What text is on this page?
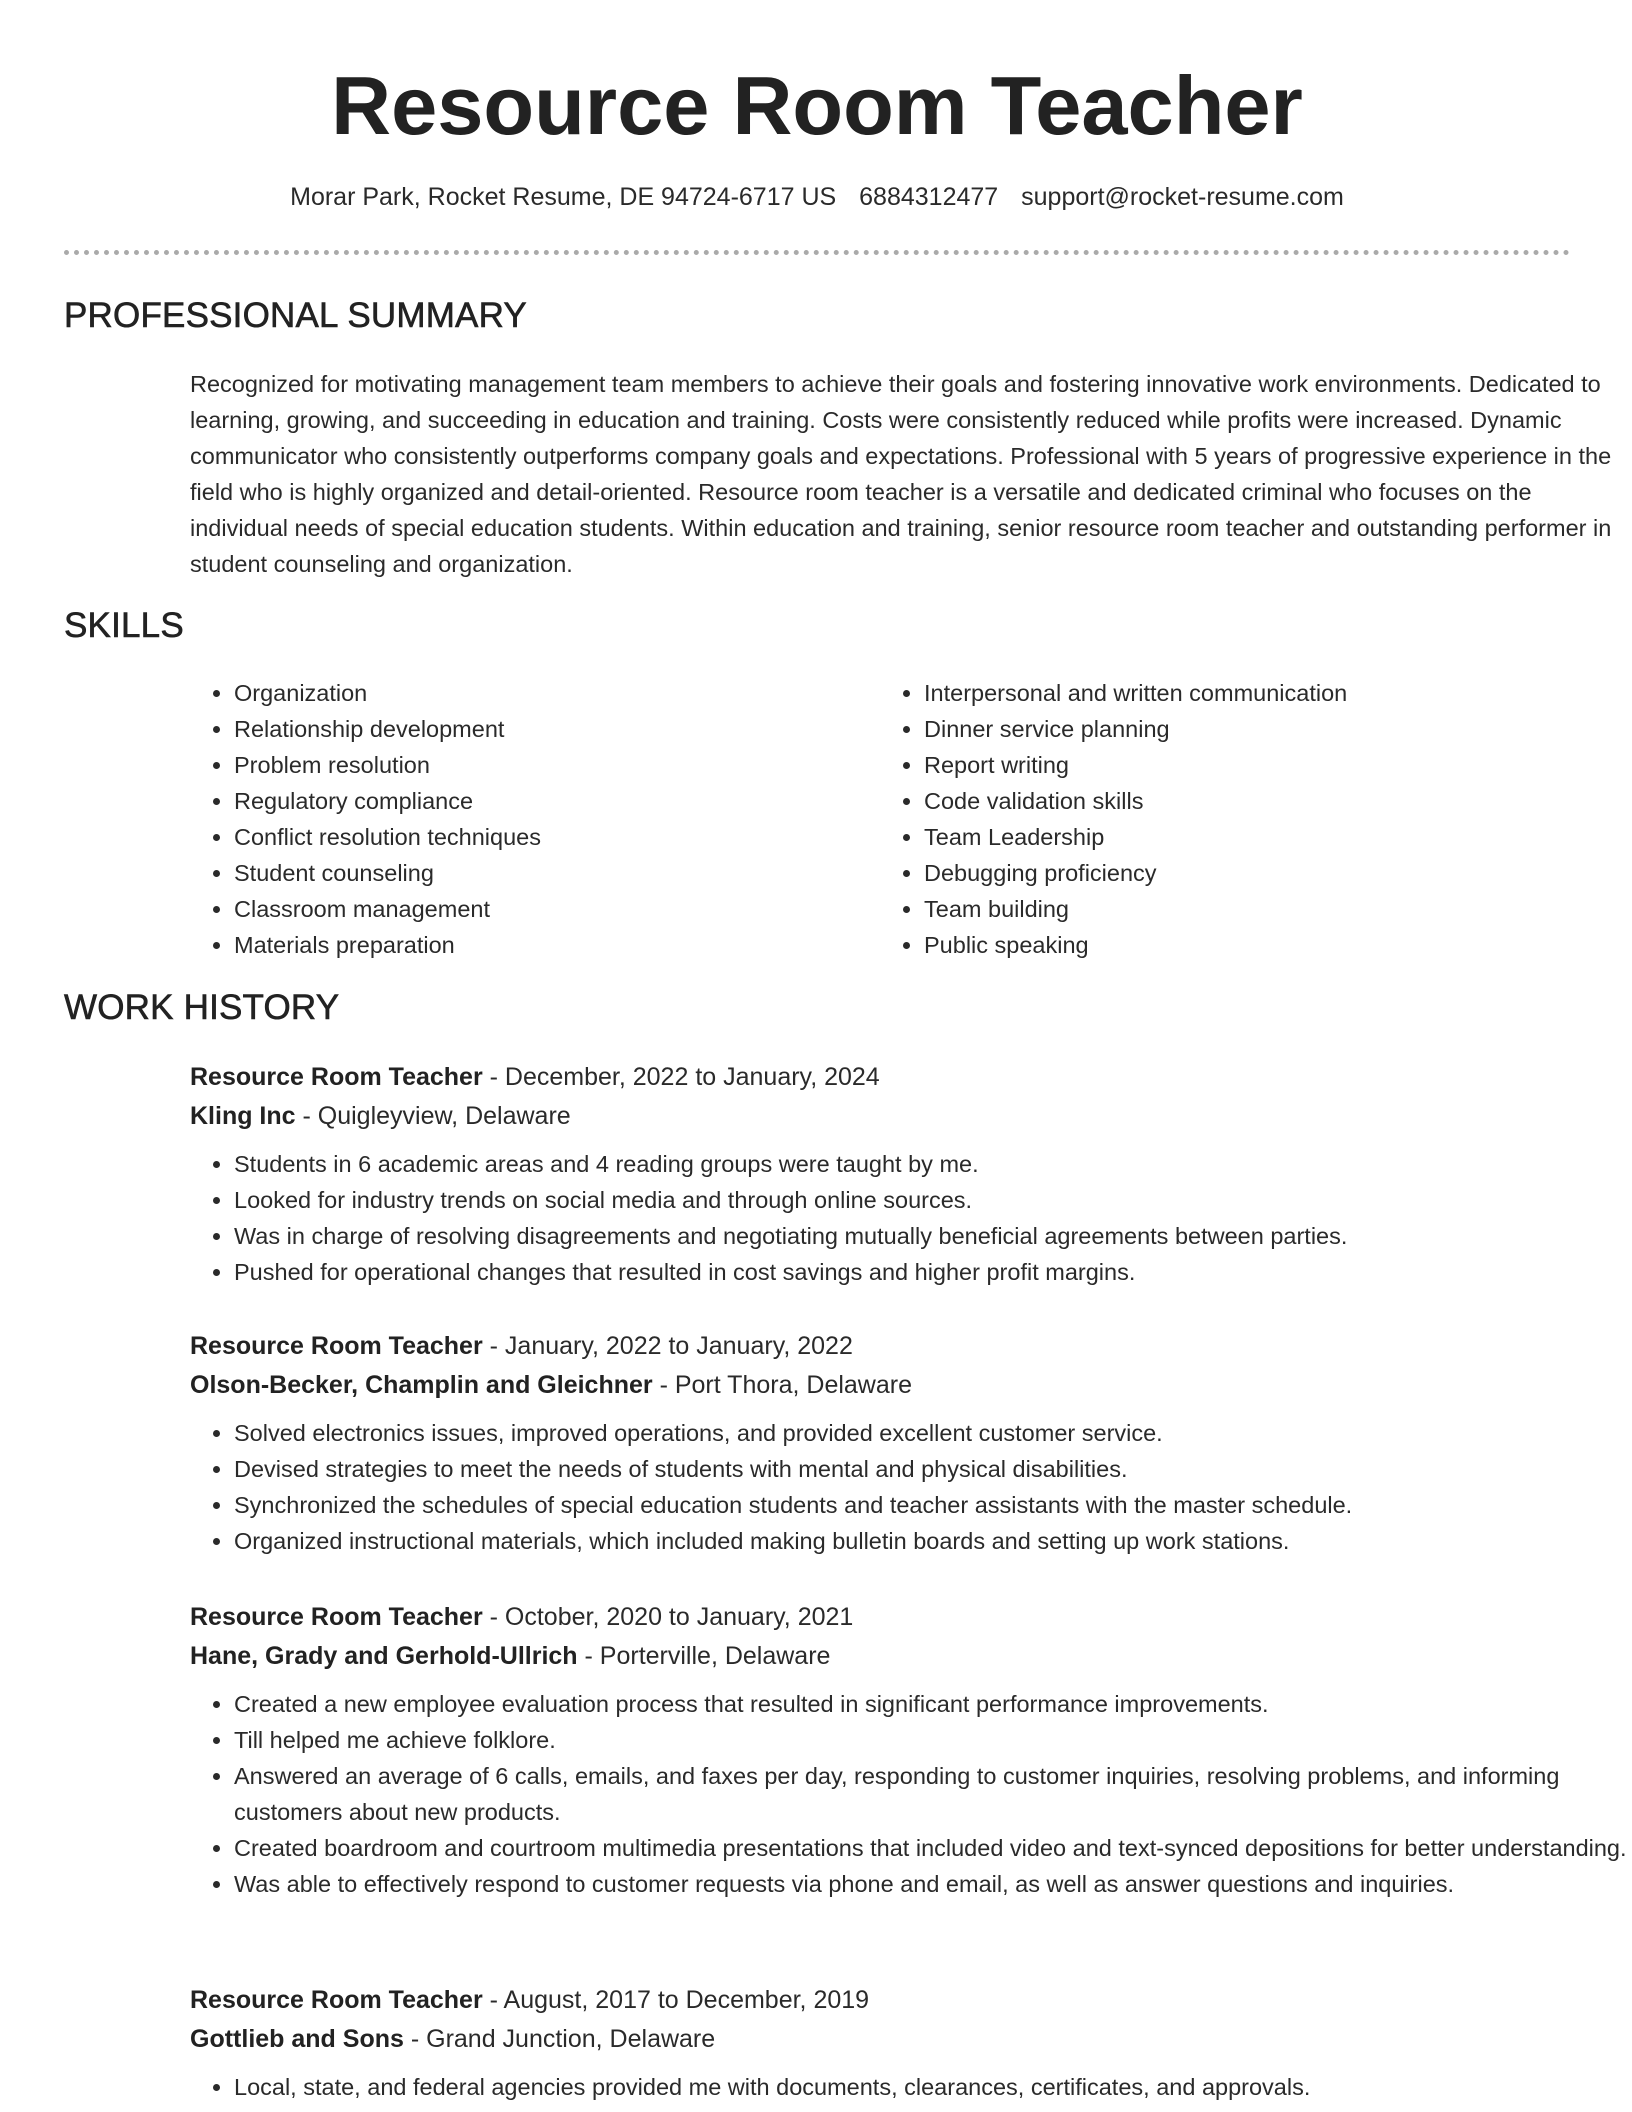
Resource Room Teacher
Morar Park, Rocket Resume, DE 94724-6717 US 6884312477 support@rocket-resume.com
PROFESSIONAL SUMMARY

Recognized for motivating management team members to achieve their goals and fostering innovative work environments. Dedicated to learning, growing, and succeeding in education and training. Costs were consistently reduced while profits were increased. Dynamic communicator who consistently outperforms company goals and expectations. Professional with 5 years of progressive experience in the field who is highly organized and detail-oriented. Resource room teacher is a versatile and dedicated criminal who focuses on the individual needs of special education students. Within education and training, senior resource room teacher and outstanding performer in student counseling and organization.

SKILLS
• Organization
• Relationship development
• Problem resolution
• Regulatory compliance
• Conflict resolution techniques
• Student counseling
• Classroom management
• Materials preparation
• Interpersonal and written communication
• Dinner service planning
• Report writing
• Code validation skills
• Team Leadership
• Debugging proficiency
• Team building
• Public speaking
WORK HISTORY
Resource Room Teacher - December, 2022 to January, 2024
Kling Inc - Quigleyview, Delaware
• Students in 6 academic areas and 4 reading groups were taught by me.
• Looked for industry trends on social media and through online sources.
• Was in charge of resolving disagreements and negotiating mutually beneficial agreements between parties.
• Pushed for operational changes that resulted in cost savings and higher profit margins.
Resource Room Teacher - January, 2022 to January, 2022
Olson-Becker, Champlin and Gleichner - Port Thora, Delaware
• Solved electronics issues, improved operations, and provided excellent customer service.
• Devised strategies to meet the needs of students with mental and physical disabilities.
• Synchronized the schedules of special education students and teacher assistants with the master schedule.
• Organized instructional materials, which included making bulletin boards and setting up work stations.
Resource Room Teacher - October, 2020 to January, 2021
Hane, Grady and Gerhold-Ullrich - Porterville, Delaware
• Created a new employee evaluation process that resulted in significant performance improvements.
• Till helped me achieve folklore.
• Answered an average of 6 calls, emails, and faxes per day, responding to customer inquiries, resolving problems, and informing customers about new products.
• Created boardroom and courtroom multimedia presentations that included video and text-synced depositions for better understanding.
• Was able to effectively respond to customer requests via phone and email, as well as answer questions and inquiries.
Resource Room Teacher - August, 2017 to December, 2019
Gottlieb and Sons - Grand Junction, Delaware
• Local, state, and federal agencies provided me with documents, clearances, certificates, and approvals.
